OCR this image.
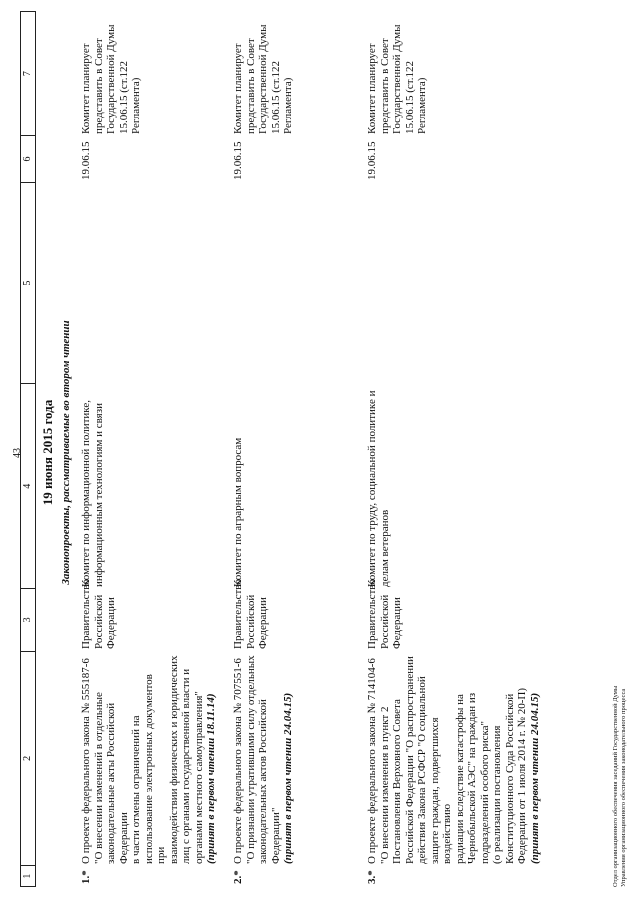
43
1
2
3
4
5
6
7
19 июня 2015 года Законопроекты, рассматриваемые во втором чтении
1.*
О проекте федерального закона № 555187-6 "О внесении изменений в отдельные законодательные акты Российской Федерации в части отмены ограничений на использование электронных документов при взаимодействии физических и юридических лиц с органами государственной власти и органами местного самоуправления" (принят в первом чтении 18.11.14)
Правительство Российской Федерации
Комитет по информационной политике, информационным технологиям и связи
19.06.15
Комитет планирует представить в Совет Государственной Думы 15.06.15 (ст.122 Регламента)
2.*
О проекте федерального закона № 707551-6 "О признании утратившими силу отдельных законодательных актов Российской Федерации" (принят в первом чтении 24.04.15)
Правительство Российской Федерации
Комитет по аграрным вопросам
19.06.15
Комитет планирует представить в Совет Государственной Думы 15.06.15 (ст.122 Регламента)
3.*
О проекте федерального закона № 714104-6 "О внесении изменения в пункт 2 Постановления Верховного Совета Российской Федерации "О распространении действия Закона РСФСР "О социальной защите граждан, подвергшихся воздействию радиации вследствие катастрофы на Чернобыльской АЭС" на граждан из подразделений особого риска" (о реализации постановления Конституционного Суда Российской Федерации от 1 июля 2014 г. № 20-П) (принят в первом чтении 24.04.15)
Правительство Российской Федерации
Комитет по труду, социальной политике и делам ветеранов
19.06.15
Комитет планирует представить в Совет Государственной Думы 15.06.15 (ст.122 Регламента)
Отдел организационного обеспечения заседаний Государственной Думы Управления организационного обеспечения законодательного процесса
